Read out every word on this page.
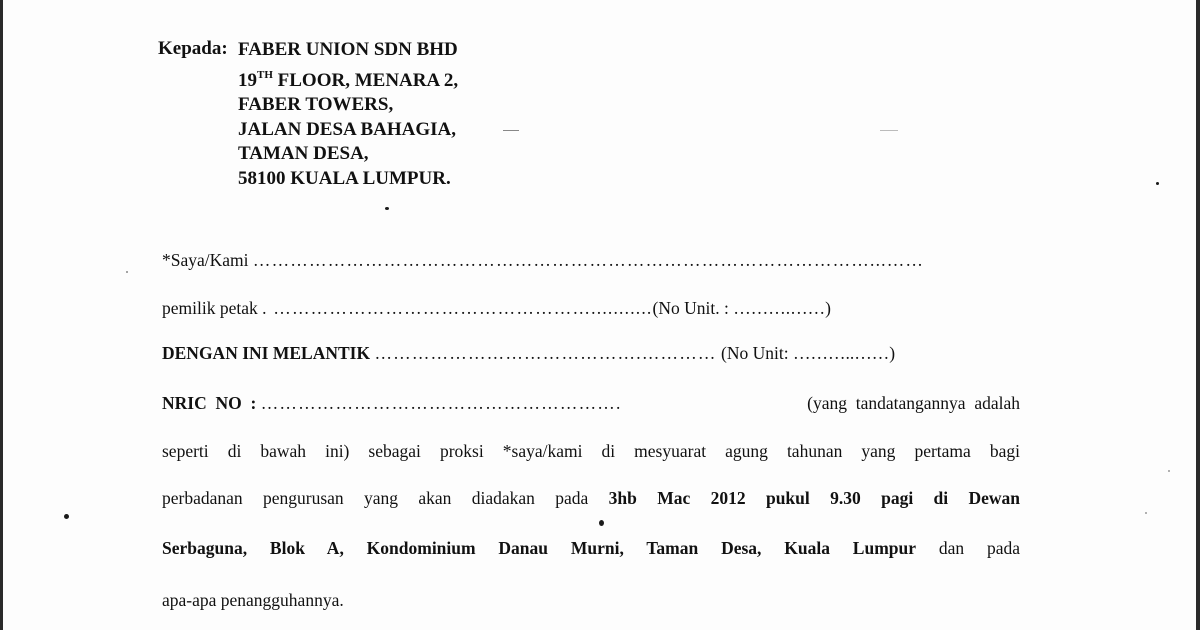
Kepada: FABER UNION SDN BHD
19TH FLOOR, MENARA 2,
FABER TOWERS,
JALAN DESA BAHAGIA,
TAMAN DESA,
58100 KUALA LUMPUR.
*Saya/Kami ………………………………………………………………………………………...……
pemilik petak . ……………………………………………...........(No Unit. : ……….……)
DENGAN INI MELANTIK …………………………………….………… (No Unit: ………..……)
NRIC  NO  : ………………………………………………….	(yang  tandatangannya  adalah
seperti di bawah ini) sebagai proksi *saya/kami di mesyuarat agung tahunan yang pertama bagi
perbadanan pengurusan yang akan diadakan pada 3hb Mac 2012 pukul 9.30 pagi di Dewan
Serbaguna, Blok A, Kondominium Danau Murni, Taman Desa, Kuala Lumpur dan pada
apa-apa penangguhannya.
